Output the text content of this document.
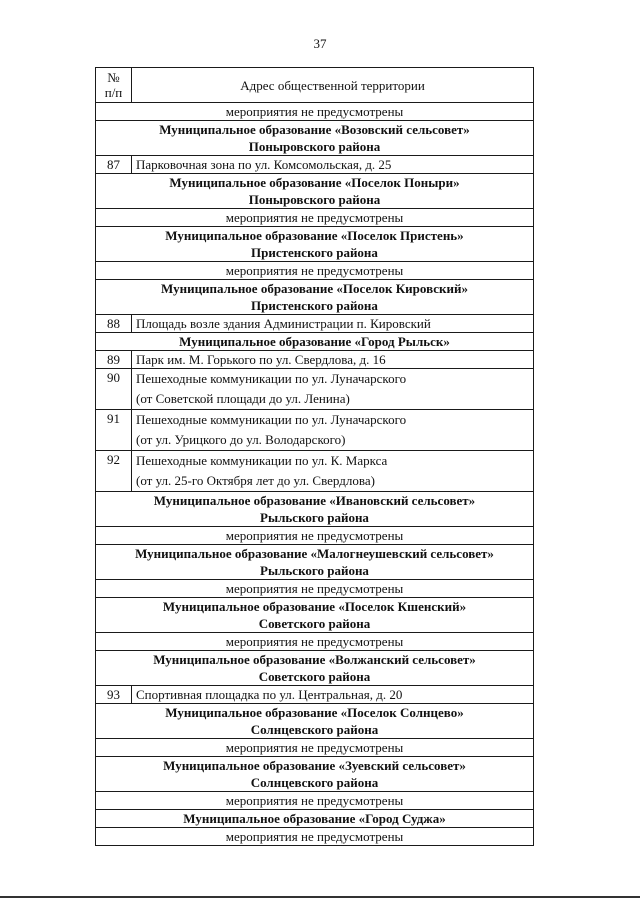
37
№
п/п	Адрес общественной территории
мероприятия не предусмотрены	

Муниципальное образование «Возовский сельсовет»
Поныровского района	

87	Парковочная зона по ул. Комсомольская, д. 25

Муниципальное образование «Поселок Поныри»
Поныровского района	

мероприятия не предусмотрены	

Муниципальное образование «Поселок Пристень»
Пристенского района	

мероприятия не предусмотрены	

Муниципальное образование «Поселок Кировский»
Пристенского района	

88	Площадь возле здания Администрации п. Кировский

Муниципальное образование «Город Рыльск»	

89	Парк им. М. Горького по ул. Свердлова, д. 16

90	Пешеходные коммуникации по ул. Луначарского
(от Советской площади до ул. Ленина)

91	Пешеходные коммуникации по ул. Луначарского
(от ул. Урицкого до ул. Володарского)

92	Пешеходные коммуникации по ул. К. Маркса
(от ул. 25-го Октября лет до ул. Свердлова)

Муниципальное образование «Ивановский сельсовет»
Рыльского района	

мероприятия не предусмотрены	

Муниципальное образование «Малогнеушевский сельсовет»
Рыльского района	

мероприятия не предусмотрены	

Муниципальное образование «Поселок Кшенский»
Советского района	

мероприятия не предусмотрены	

Муниципальное образование «Волжанский сельсовет»
Советского района	

93	Спортивная площадка по ул. Центральная, д. 20

Муниципальное образование «Поселок Солнцево»
Солнцевского района	

мероприятия не предусмотрены	

Муниципальное образование «Зуевский сельсовет»
Солнцевского района	

мероприятия не предусмотрены	

Муниципальное образование «Город Суджа»	

мероприятия не предусмотрены	
